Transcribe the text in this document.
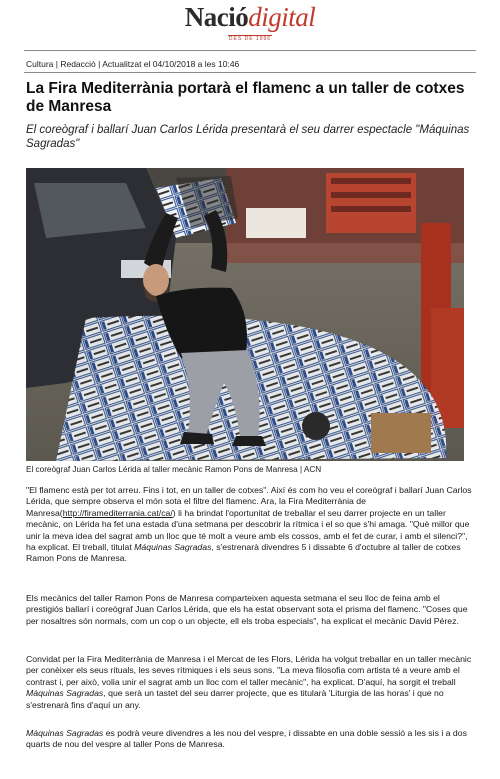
Naciódigital
DES DE 1996
Cultura | Redacció | Actualitzat el 04/10/2018 a les 10:46
La Fira Mediterrània portarà el flamenc a un taller de cotxes de Manresa
El coreògraf i ballarí Juan Carlos Lérida presentarà el seu darrer espectacle "Máquinas Sagradas"
El coreògraf Juan Carlos Lérida al taller mecànic Ramon Pons de Manresa | ACN
"El flamenc està per tot arreu. Fins i tot, en un taller de cotxes". Així és com ho veu el coreògraf i ballarí Juan Carlos Lérida, que sempre observa el món sota el filtre del flamenc. Ara, la Fira Mediterrània de Manresa(http://firamediterrania.cat/ca/) li ha brindat l'oportunitat de treballar el seu darrer projecte en un taller mecànic, on Lérida ha fet una estada d'una setmana per descobrir la rítmica i el so que s'hi amaga. "Què millor que unir la meva idea del sagrat amb un lloc que té molt a veure amb els cossos, amb el fet de curar, i amb el silenci?", ha explicat. El treball, titulat Máquinas Sagradas, s'estrenarà divendres 5 i dissabte 6 d'octubre al taller de cotxes Ramon Pons de Manresa.
Els mecànics del taller Ramon Pons de Manresa comparteixen aquesta setmana el seu lloc de feina amb el prestigiós ballarí i coreògraf Juan Carlos Lérida, que els ha estat observant sota el prisma del flamenc. "Coses que per nosaltres són normals, com un cop o un objecte, ell els troba especials", ha explicat el mecànic David Pérez.
Convidat per la Fira Mediterrània de Manresa i el Mercat de les Flors, Lérida ha volgut treballar en un taller mecànic per conèixer els seus rituals, les seves rítmiques i els seus sons. "La meva filosofia com artista té a veure amb el contrast i, per això, volia unir el sagrat amb un lloc com el taller mecànic", ha explicat. D'aquí, ha sorgit el treball Máquinas Sagradas, que serà un tastet del seu darrer projecte, que es titularà 'Liturgia de las horas' i que no s'estrenarà fins d'aquí un any.
Máquinas Sagradas es podrà veure divendres a les nou del vespre, i dissabte en una doble sessió a les sis i a dos quarts de nou del vespre al taller Pons de Manresa.
